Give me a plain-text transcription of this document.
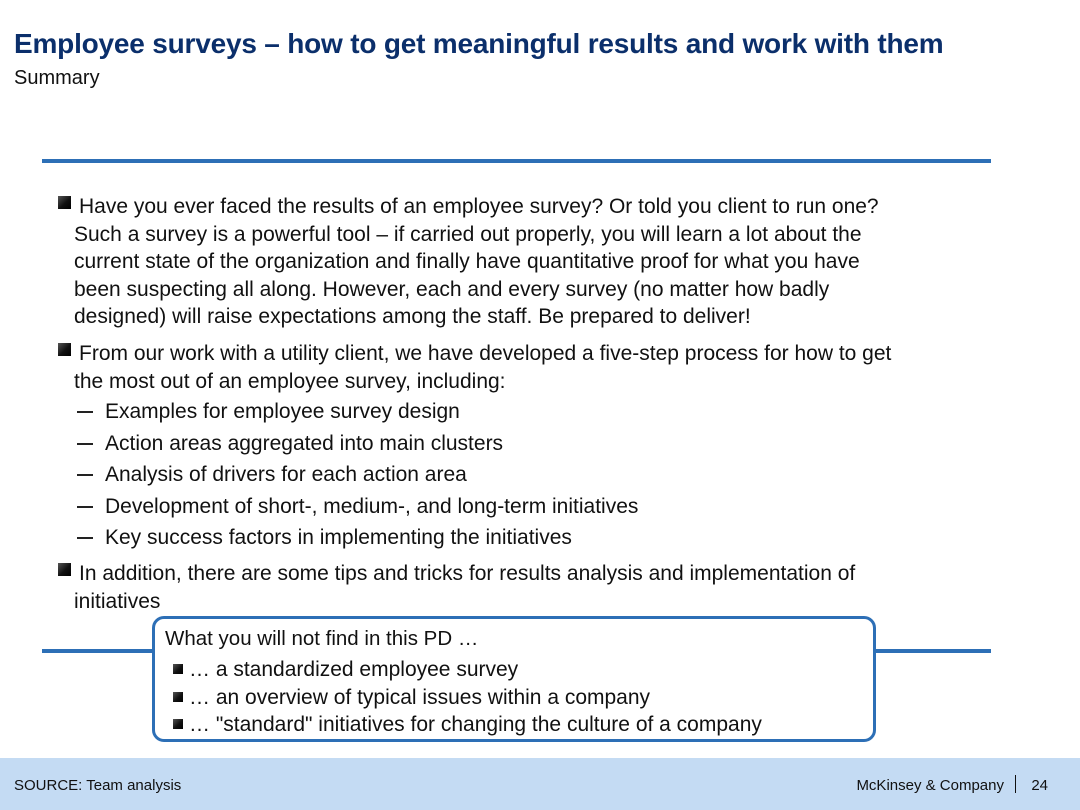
Employee surveys – how to get meaningful results and work with them
Summary
Have you ever faced the results of an employee survey? Or told you client to run one?
Such a survey is a powerful tool – if carried out properly, you will learn a lot about the
current state of the organization and finally have quantitative proof for what you have
been suspecting all along. However, each and every survey (no matter how badly
designed) will raise expectations among the staff. Be prepared to deliver!
From our work with a utility client, we have developed a five-step process for how to get
the most out of an employee survey, including:
Examples for employee survey design
Action areas aggregated into main clusters
Analysis of drivers for each action area
Development of short-, medium-, and long-term initiatives
Key success factors in implementing the initiatives
In addition, there are some tips and tricks for results analysis and implementation of
initiatives
What you will not find in this PD …
… a standardized employee survey
… an overview of typical issues within a company
… "standard" initiatives for changing the culture of a company
SOURCE: Team analysis	McKinsey & Company 24
